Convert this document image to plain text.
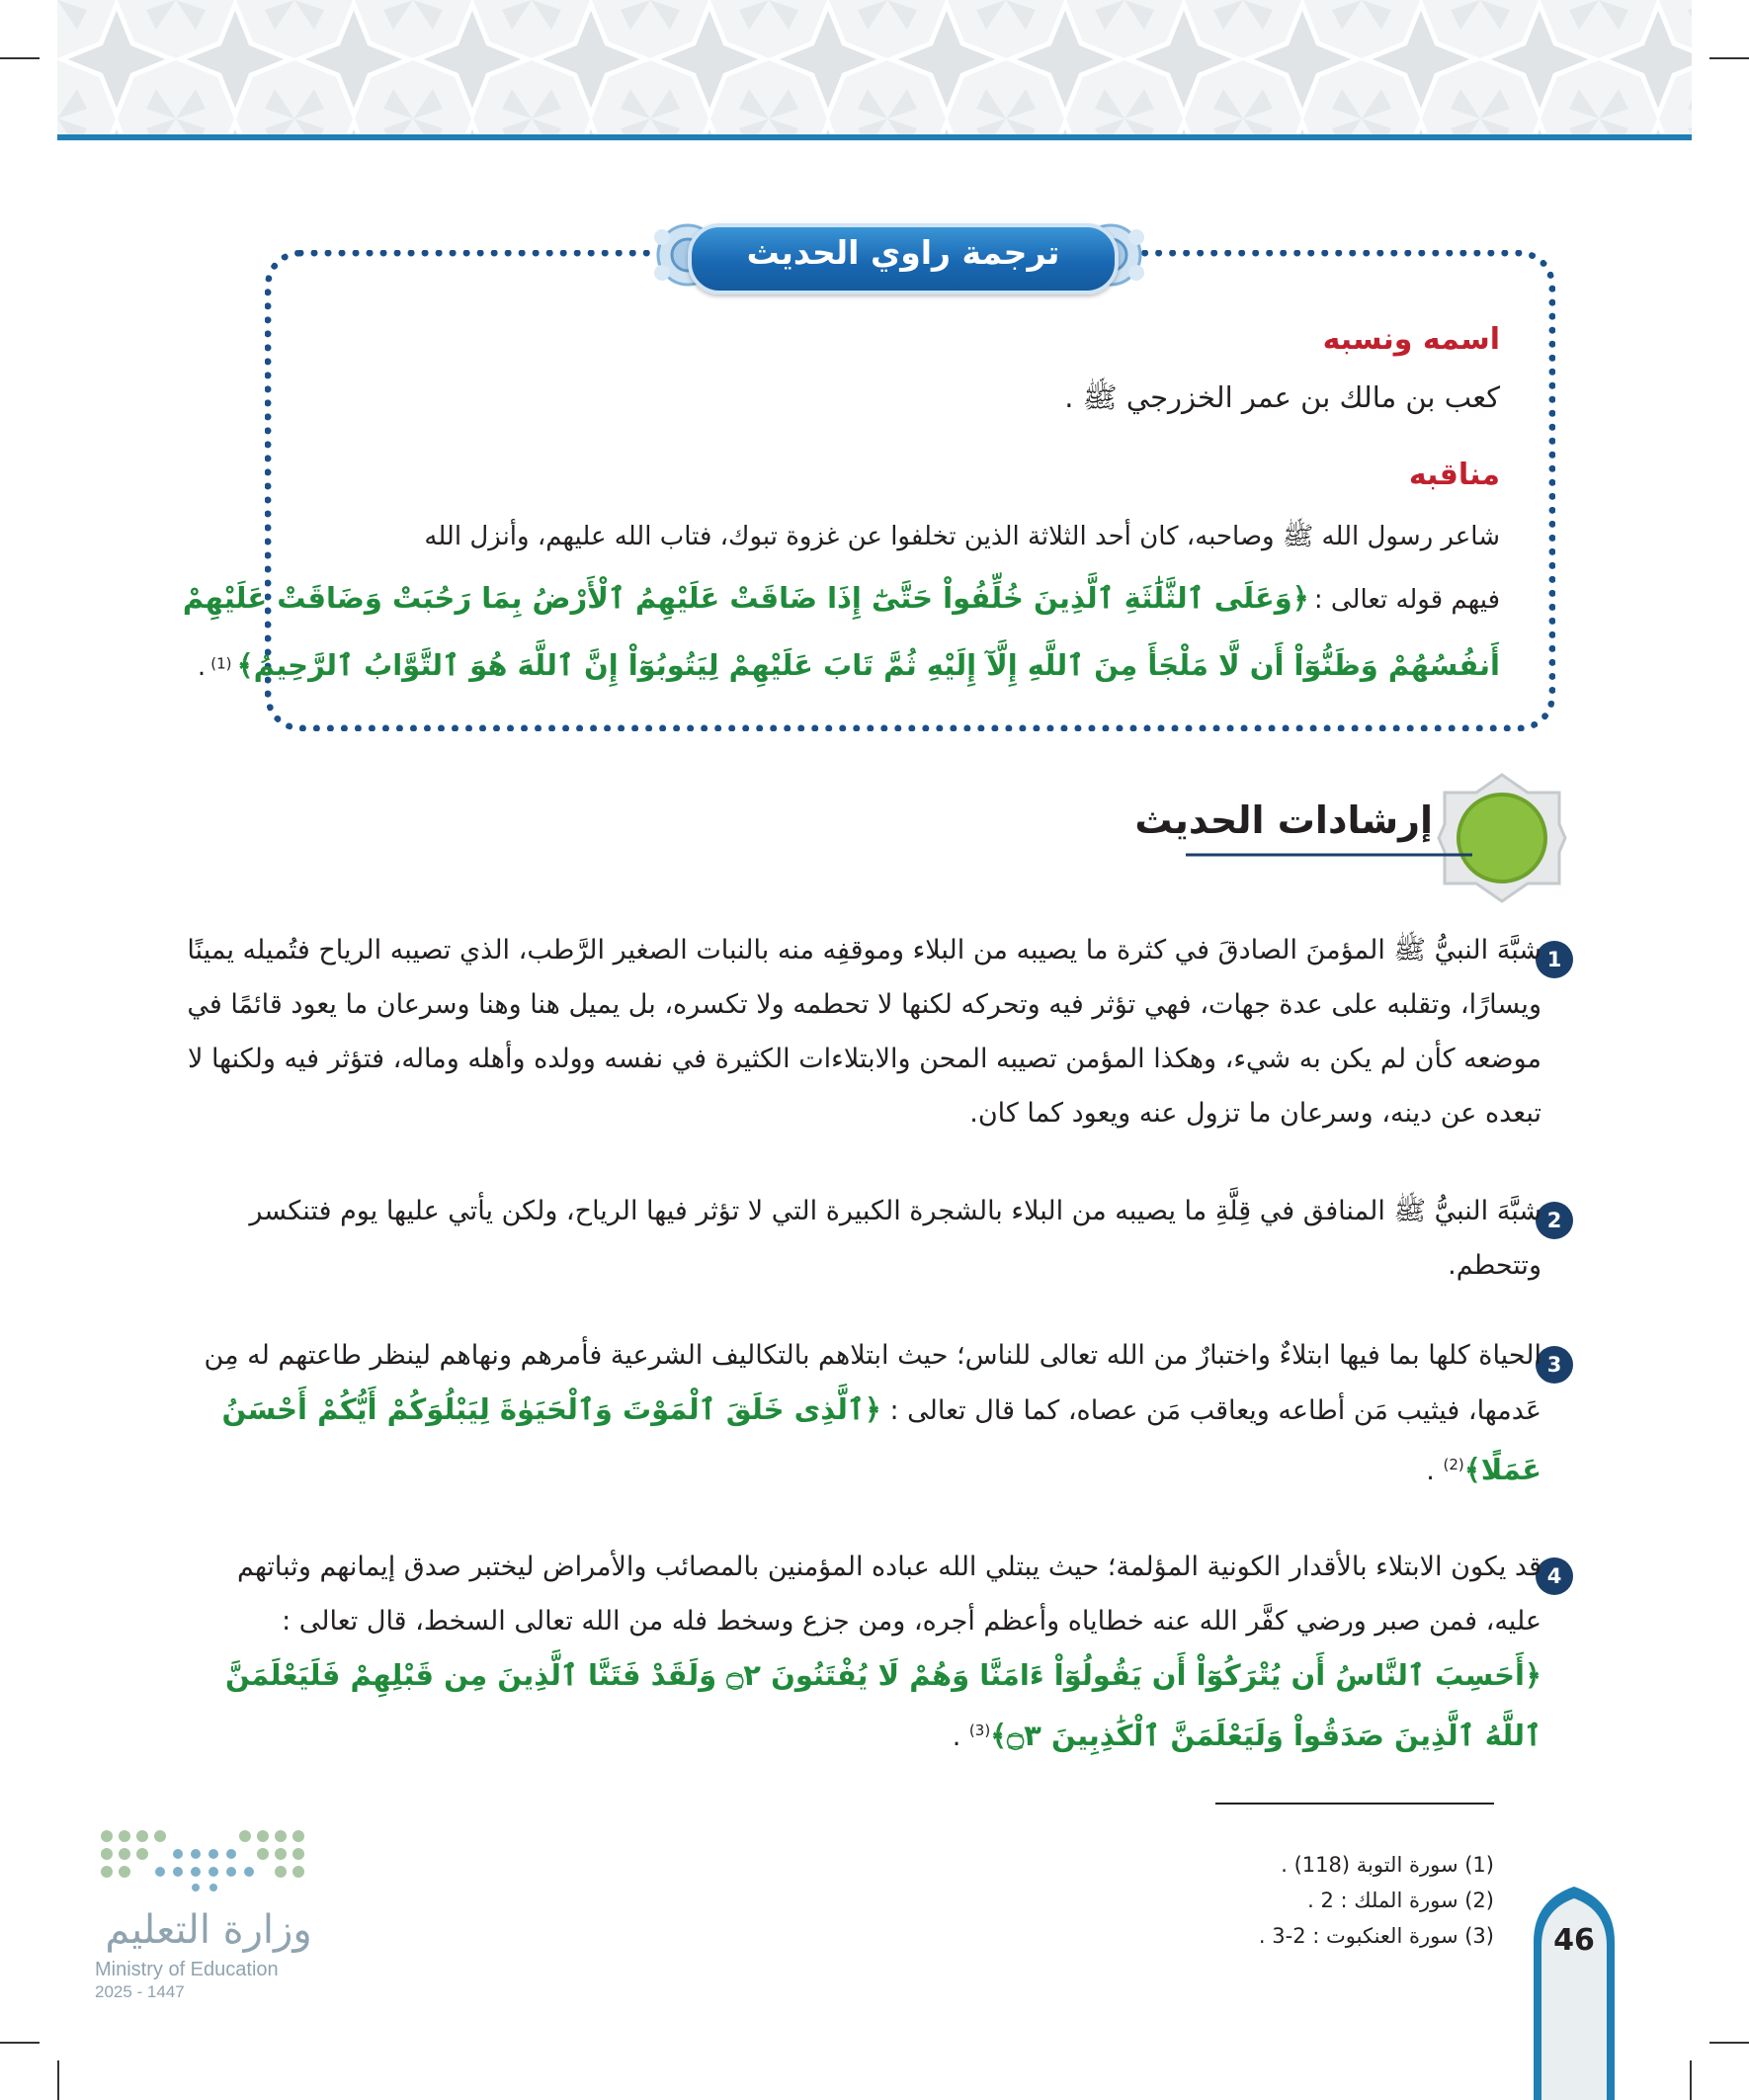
ترجمة راوي الحديث
اسمه ونسبه
كعب بن مالك بن عمر الخزرجي ﷺ .
مناقبه
شاعر رسول الله ﷺ وصاحبه، كان أحد الثلاثة الذين تخلفوا عن غزوة تبوك، فتاب الله عليهم، وأنزل الله
فيهم قوله تعالى : ﴿وَعَلَى ٱلثَّلَٰثَةِ ٱلَّذِينَ خُلِّفُواْ حَتَّىٰٓ إِذَا ضَاقَتْ عَلَيْهِمُ ٱلْأَرْضُ بِمَا رَحُبَتْ وَضَاقَتْ عَلَيْهِمْ
أَنفُسُهُمْ وَظَنُّوٓاْ أَن لَّا مَلْجَأَ مِنَ ٱللَّهِ إِلَّآ إِلَيْهِ ثُمَّ تَابَ عَلَيْهِمْ لِيَتُوبُوٓاْ إِنَّ ٱللَّهَ هُوَ ٱلتَّوَّابُ ٱلرَّحِيمُ﴾ (1) .
إرشادات الحديث
1
شبَّهَ النبيُّ ﷺ المؤمنَ الصادقَ في كثرة ما يصيبه من البلاء وموقفِه منه بالنبات الصغير الرَّطب، الذي تصيبه الرياح فتُميله يمينًا ويسارًا، وتقلبه على عدة جهات، فهي تؤثر فيه وتحركه لكنها لا تحطمه ولا تكسره، بل يميل هنا وهنا وسرعان ما يعود قائمًا في موضعه كأن لم يكن به شيء، وهكذا المؤمن تصيبه المحن والابتلاءات الكثيرة في نفسه وولده وأهله وماله، فتؤثر فيه ولكنها لا تبعده عن دينه، وسرعان ما تزول عنه ويعود كما كان.
2
شبَّهَ النبيُّ ﷺ المنافق في قِلَّةِ ما يصيبه من البلاء بالشجرة الكبيرة التي لا تؤثر فيها الرياح، ولكن يأتي عليها يوم فتنكسر وتتحطم.
3
الحياة كلها بما فيها ابتلاءٌ واختبارٌ من الله تعالى للناس؛ حيث ابتلاهم بالتكاليف الشرعية فأمرهم ونهاهم لينظر طاعتهم له مِن عَدمها، فيثيب مَن أطاعه ويعاقب مَن عصاه، كما قال تعالى : ﴿ٱلَّذِى خَلَقَ ٱلْمَوْتَ وَٱلْحَيَوٰةَ لِيَبْلُوَكُمْ أَيُّكُمْ أَحْسَنُ عَمَلًا﴾$^{(2)}$ .
4
قد يكون الابتلاء بالأقدار الكونية المؤلمة؛ حيث يبتلي الله عباده المؤمنين بالمصائب والأمراض ليختبر صدق إيمانهم وثباتهم عليه، فمن صبر ورضي كفَّر الله عنه خطاياه وأعظم أجره، ومن جزع وسخط فله من الله تعالى السخط، قال تعالى : ﴿أَحَسِبَ ٱلنَّاسُ أَن يُتْرَكُوٓاْ أَن يَقُولُوٓاْ ءَامَنَّا وَهُمْ لَا يُفْتَنُونَ ۝٢ وَلَقَدْ فَتَنَّا ٱلَّذِينَ مِن قَبْلِهِمْ فَلَيَعْلَمَنَّ ٱللَّهُ ٱلَّذِينَ صَدَقُواْ وَلَيَعْلَمَنَّ ٱلْكَٰذِبِينَ ۝٣﴾$^{(3)}$ .
(1) سورة التوبة (118) .
(2) سورة الملك : 2 .
(3) سورة العنكبوت : 2-3 .	46
وزارة التعليم
Ministry of Education
2025 - 1447
